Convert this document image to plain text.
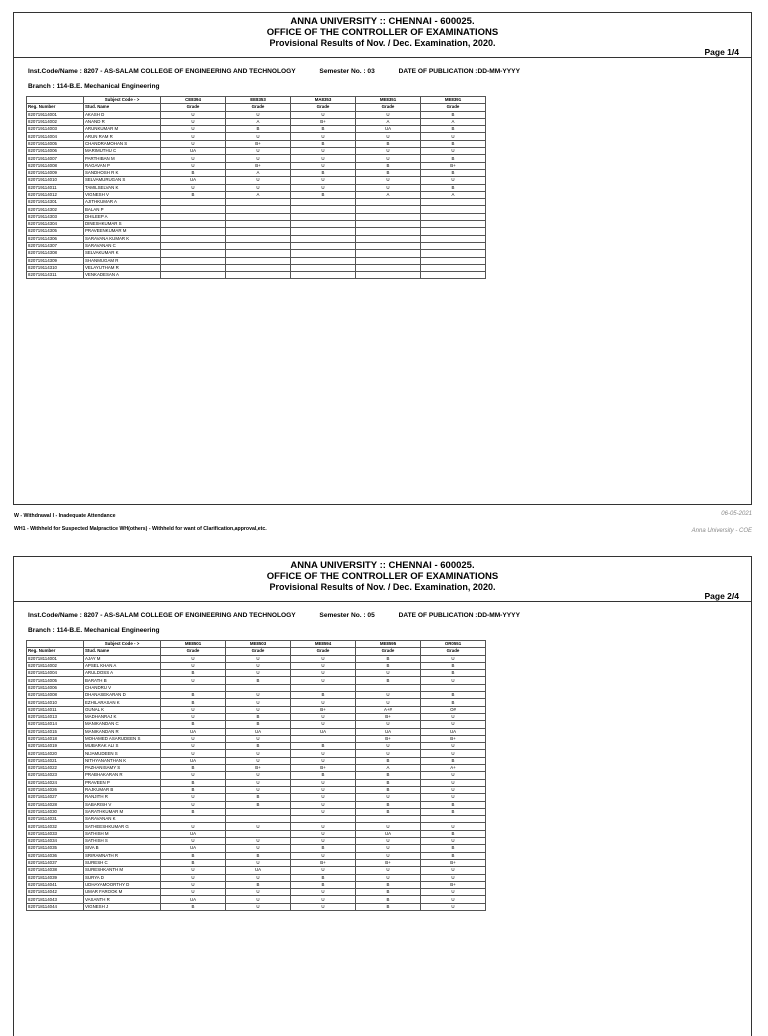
ANNA UNIVERSITY :: CHENNAI - 600025.
OFFICE OF THE CONTROLLER OF EXAMINATIONS
Provisional Results of Nov. / Dec. Examination, 2020.
Page 1/4
Inst.Code/Name : 8207 - AS-SALAM COLLEGE OF ENGINEERING AND TECHNOLOGY	Semester No. : 03	DATE OF PUBLICATION :DD-MM-YYYY
Branch : 114-B.E. Mechanical Engineering
	Subject Code - >	CE8394	EE8353	MA8353	ME8351	ME8391
Reg. Number	Stud. Name	Grade	Grade	Grade	Grade	Grade
820719114001	AKASH D	U	U	U	U	B
820719114002	ANAND R	U	A	B+	A	A
820719114003	ARUNKUMAR M	U	B	B	UA	B
820719114004	ARUN RAM R	U	U	U	U	U
820719114005	CHANDRAMOHAN S	U	B+	B	B	B
820719114006	MARIMUTHU C	UA	U	U	U	U
820719114007	PARTHIBAN M	U	U	U	U	B
820719114008	RAGAVAN P	U	B+	U	B	B+
820719114009	SANDHOSH R K	B	A	B	B	B
820719114010	SELVAMURUGAN S	UA	U	U	U	U
820719114011	TAMILSELVAN K	U	U	U	U	B
820719114012	VIGNESH V	B	A	B	A	A
820719114301	AJITHKUMAR A					
820719114302	BALAN P					
820719114303	DHILEEP A					
820719114304	DINESHKUMAR S					
820719114305	PRAVEENKUMAR M					
820719114306	SARAVANA KUMAR K					
820719114307	SARAVANAN C					
820719114308	SELVAKUMAR K					
820719114309	SHANMUGAM R					
820719114310	VELAYUTHAM R					
820719114311	VENKADESAN A					
W - Withdrawal I - Inadequate Attendance
WH1 - Withheld for Suspected Malpractice WH(others) - Withheld for want of Clarification,approval,etc.
06-05-2021
Anna University - COE
ANNA UNIVERSITY :: CHENNAI - 600025.
OFFICE OF THE CONTROLLER OF EXAMINATIONS
Provisional Results of Nov. / Dec. Examination, 2020.
Page 2/4
Inst.Code/Name : 8207 - AS-SALAM COLLEGE OF ENGINEERING AND TECHNOLOGY	Semester No. : 05	DATE OF PUBLICATION :DD-MM-YYYY
Branch : 114-B.E. Mechanical Engineering
	Subject Code - >	ME8501	ME8503	ME8594	ME8595	OR0551
Reg. Number	Stud. Name	Grade	Grade	Grade	Grade	Grade
820718114001	AJAY M	U	U	U	B	U
820718114002	APSEL KHAN A	U	U	U	B	B
820718114004	ARULDOSS A	B	U	U	U	B
820718114005	BARATH B	U	B	U	B	U
820718114006	CHANDRU V					
820718114008	DHANASEKARAN D	B	U	B	U	B
820718114010	EZHILARASAN K	B	U	U	U	B
820718114011	GUNAL K	U	U	B+	A+#	O#
820718114013	MADHANRAJ K	U	B	U	B+	U
820718114014	MANIKANDAN C	B	B	U	U	U
820718114015	MANIKANDAN R	UA	UA	UA	UA	UA
820718114018	MOHAMED ASARUDEEN S	U	U		B+	B+
820718114019	MUBARAK ALI S	U	B	B	U	U
820718114020	NIJAMUDEEN S	U	U	U	U	U
820718114021	NITHYANANTHAN K	UA	U	U	B	B
820718114022	PAZHANISAMY S	B	B+	B+	A	A+
820718114023	PRABHAKARAN R	U	U	B	B	U
820718114024	PRAVEEN P	B	U	U	B	U
820718114026	RAJKUMAR B	B	U	U	B	U
820718114027	RANJITH R	U	B	U	U	U
820718114028	SABARISH V	U	B	U	B	B
820718114030	SARATHKUMAR M	B		U	B	B
820718114031	SARAVANAN K					
820718114032	SATHEESHKUMAR G	U	U	U	U	U
820718114033	SATHISH M	UA		U	UA	B
820718114034	SATHISH S	U	U	U	U	U
820718114035	SIVA B	UA	U	B	U	B
820718114036	SRIRAMNATH R	B	B	U	U	B
820718114037	SURESH C	B	U	B+	B+	B+
820718114038	SURESHKANTH M	U	UA	U	U	U
820718114039	SURYA D	U	U	B	U	U
820718114041	UDHAYAMOORTHY D	U	B	B	B	B+
820718114042	UMAR FAROOK M	U	U	U	B	U
820718114043	VASANTH R	UA	U	U	B	U
820718114044	VIGNESH J	B	U	U	B	U
